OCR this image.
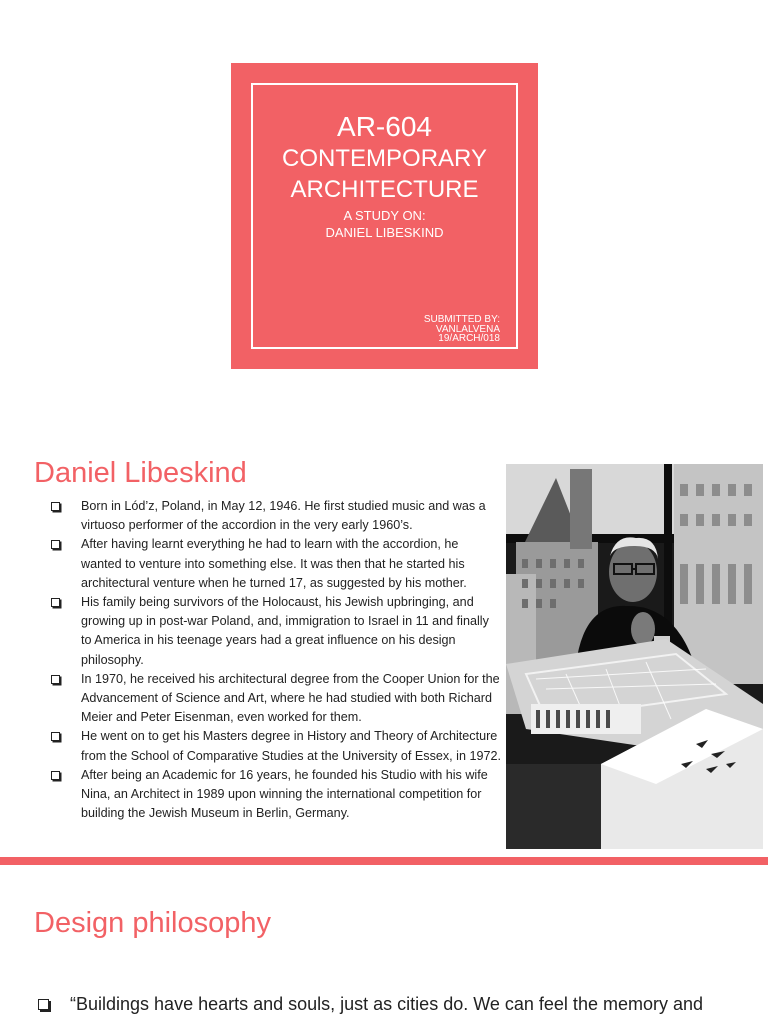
AR-604
CONTEMPORARY
ARCHITECTURE
A STUDY ON:
DANIEL LIBESKIND
SUBMITTED BY:
VANLALVENA
19/ARCH/018
Daniel Libeskind
Born in Lód’z, Poland, in May 12, 1946. He first studied music and was a virtuoso performer of the accordion in the very early 1960’s.
After having learnt everything he had to learn with the accordion, he wanted to venture into something else. It was then that he started his architectural venture when he turned 17, as suggested by his mother.
His family being survivors of the Holocaust, his Jewish upbringing, and growing up in post-war Poland, and, immigration to Israel in 11 and finally to America in his teenage years had a great influence on his design philosophy.
In 1970, he received his architectural degree from the Cooper Union for the Advancement of Science and Art, where he had studied with both Richard Meier and Peter Eisenman, even worked for them.
He went on to get his Masters degree in History and Theory of Architecture from the School of Comparative Studies at the University of Essex, in 1972.
After being an Academic for 16 years, he founded his Studio with his wife Nina, an Architect in 1989 upon winning the international competition for building the Jewish Museum in Berlin, Germany.
Design philosophy
“Buildings have hearts and souls, just as cities do. We can feel the memory and
